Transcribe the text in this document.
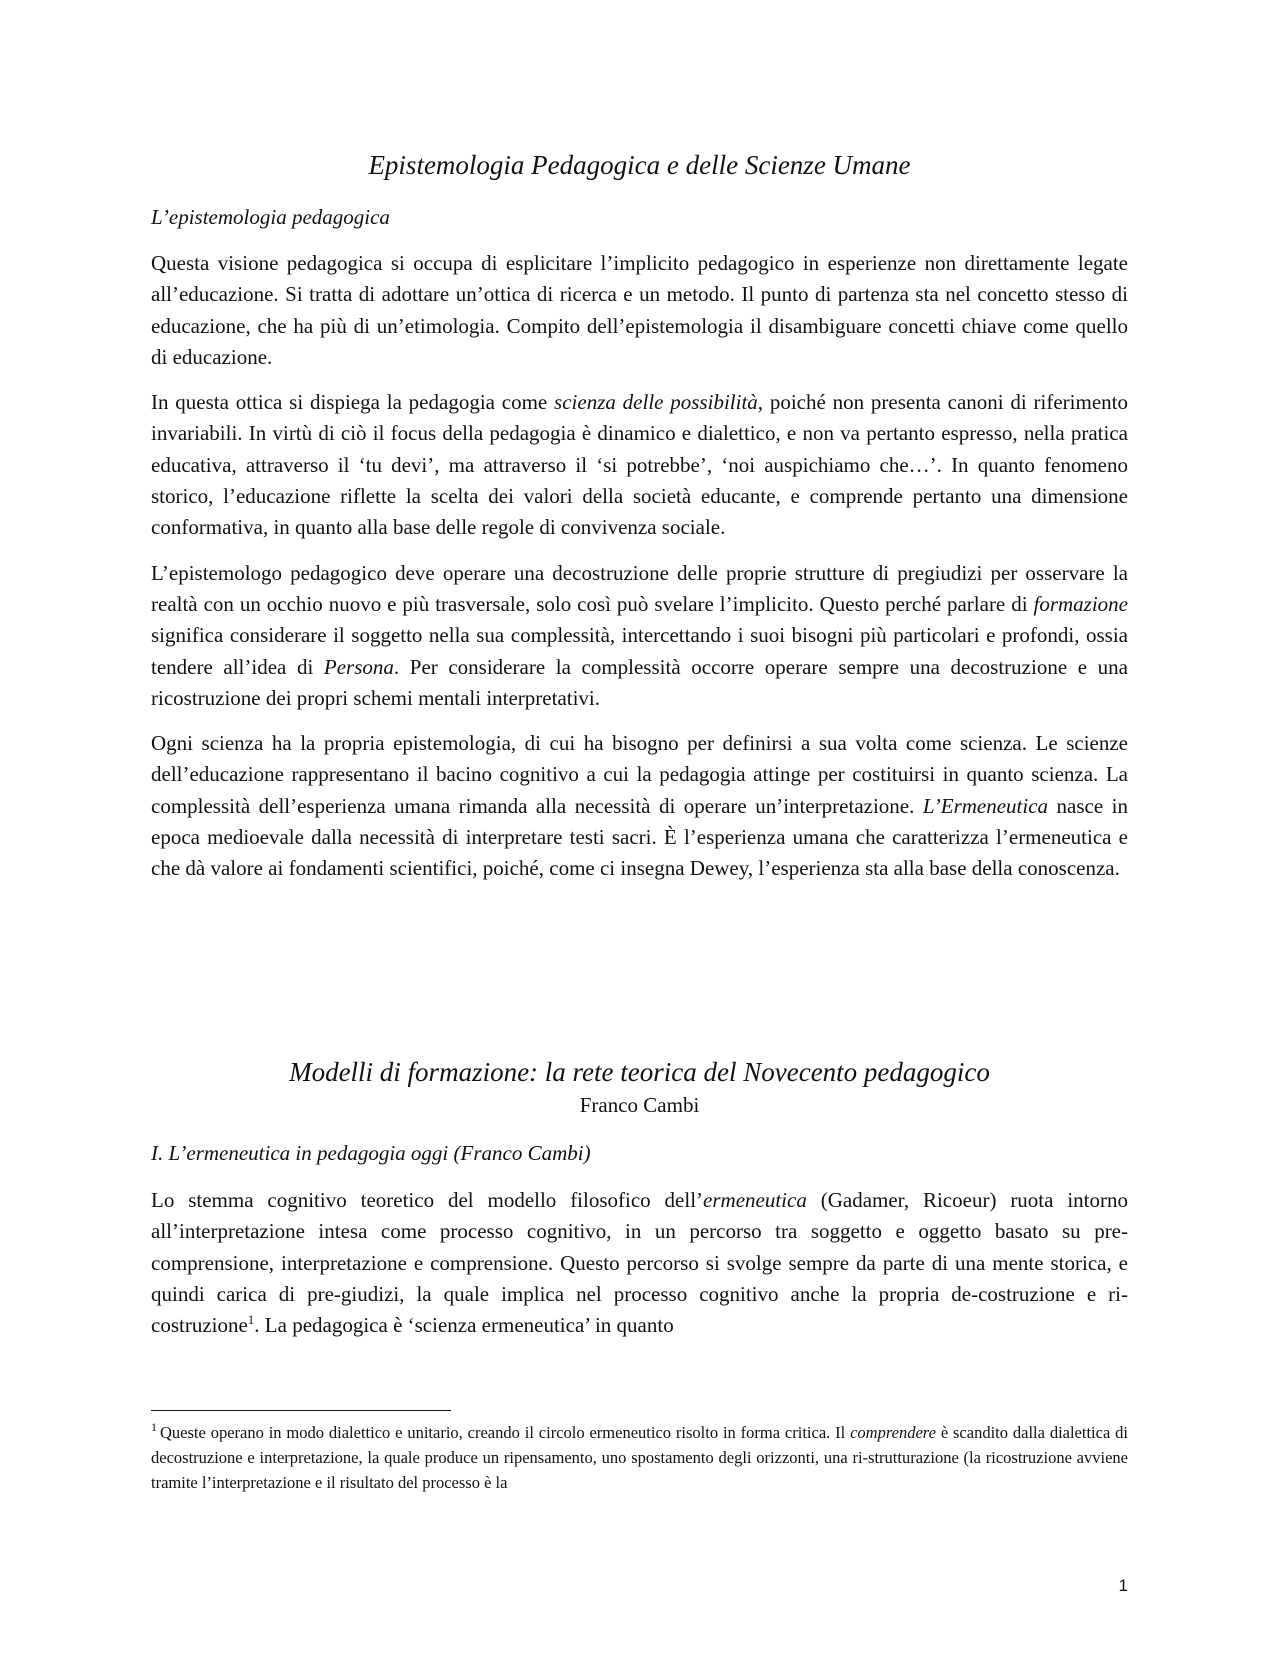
Epistemologia Pedagogica e delle Scienze Umane
L’epistemologia pedagogica

Questa visione pedagogica si occupa di esplicitare l’implicito pedagogico in esperienze non direttamente legate all’educazione. Si tratta di adottare un’ottica di ricerca e un metodo. Il punto di partenza sta nel concetto stesso di educazione, che ha più di un’etimologia. Compito dell’epistemologia il disambiguare concetti chiave come quello di educazione.

In questa ottica si dispiega la pedagogia come scienza delle possibilità, poiché non presenta canoni di riferimento invariabili. In virtù di ciò il focus della pedagogia è dinamico e dialettico, e non va pertanto espresso, nella pratica educativa, attraverso il ‘tu devi’, ma attraverso il ‘si potrebbe’, ‘noi auspichiamo che…’. In quanto fenomeno storico, l’educazione riflette la scelta dei valori della società educante, e comprende pertanto una dimensione conformativa, in quanto alla base delle regole di convivenza sociale.

L’epistemologo pedagogico deve operare una decostruzione delle proprie strutture di pregiudizi per osservare la realtà con un occhio nuovo e più trasversale, solo così può svelare l’implicito. Questo perché parlare di formazione significa considerare il soggetto nella sua complessità, intercettando i suoi bisogni più particolari e profondi, ossia tendere all’idea di Persona. Per considerare la complessità occorre operare sempre una decostruzione e una ricostruzione dei propri schemi mentali interpretativi.

Ogni scienza ha la propria epistemologia, di cui ha bisogno per definirsi a sua volta come scienza. Le scienze dell’educazione rappresentano il bacino cognitivo a cui la pedagogia attinge per costituirsi in quanto scienza. La complessità dell’esperienza umana rimanda alla necessità di operare un’interpretazione. L’Ermeneutica nasce in epoca medioevale dalla necessità di interpretare testi sacri. È l’esperienza umana che caratterizza l’ermeneutica e che dà valore ai fondamenti scientifici, poiché, come ci insegna Dewey, l’esperienza sta alla base della conoscenza.

Modelli di formazione: la rete teorica del Novecento pedagogico
Franco Cambi
I. L’ermeneutica in pedagogia oggi (Franco Cambi)

Lo stemma cognitivo teoretico del modello filosofico dell’ermeneutica (Gadamer, Ricoeur) ruota intorno all’interpretazione intesa come processo cognitivo, in un percorso tra soggetto e oggetto basato su pre-comprensione, interpretazione e comprensione. Questo percorso si svolge sempre da parte di una mente storica, e quindi carica di pre-giudizi, la quale implica nel processo cognitivo anche la propria de-costruzione e ri-costruzione$^1$. La pedagogica è ‘scienza ermeneutica’ in quanto

$^1$ Queste operano in modo dialettico e unitario, creando il circolo ermeneutico risolto in forma critica. Il comprendere è scandito dalla dialettica di decostruzione e interpretazione, la quale produce un ripensamento, uno spostamento degli orizzonti, una ri-strutturazione (la ricostruzione avviene tramite l’interpretazione e il risultato del processo è la

1
